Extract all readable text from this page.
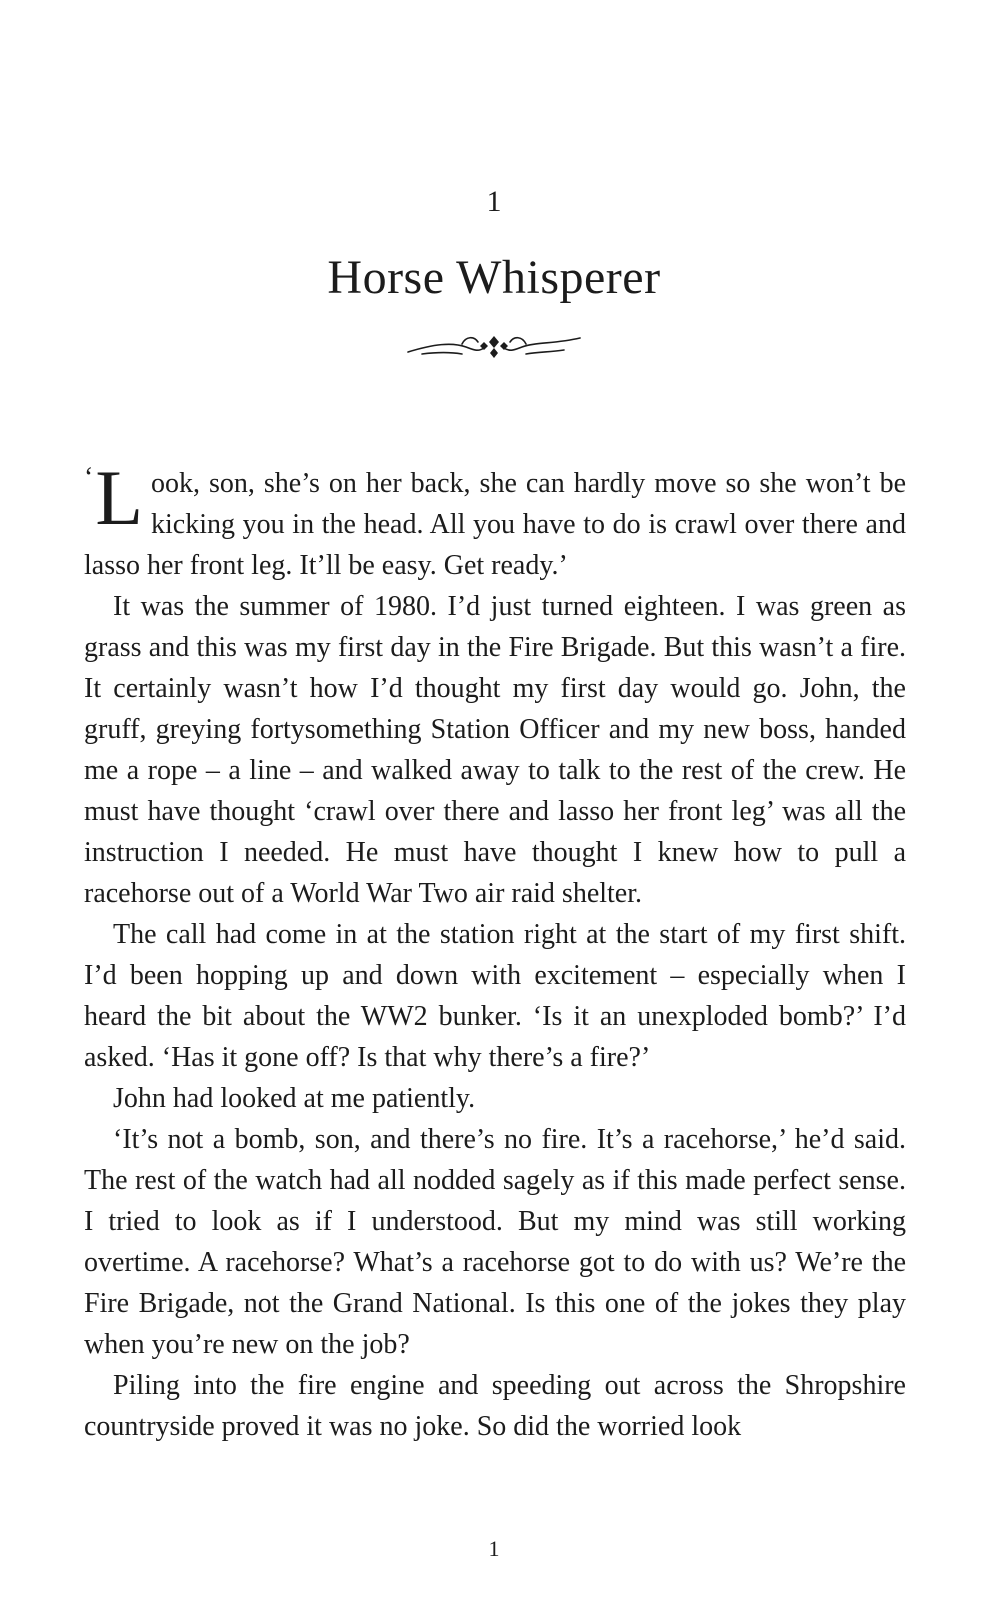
1
Horse Whisperer

‘ L ook, son, she’s on her back, she can hardly move so she won’t be kicking you in the head. All you have to do is crawl over there and lasso her front leg. It’ll be easy. Get ready.’

It was the summer of 1980. I’d just turned eighteen. I was green as grass and this was my first day in the Fire Brigade. But this wasn’t a fire. It certainly wasn’t how I’d thought my first day would go. John, the gruff, greying fortysomething Station Officer and my new boss, handed me a rope – a line – and walked away to talk to the rest of the crew. He must have thought ‘crawl over there and lasso her front leg’ was all the instruction I needed. He must have thought I knew how to pull a racehorse out of a World War Two air raid shelter.

The call had come in at the station right at the start of my first shift. I’d been hopping up and down with excitement – especially when I heard the bit about the WW2 bunker. ‘Is it an unexploded bomb?’ I’d asked. ‘Has it gone off? Is that why there’s a fire?’

John had looked at me patiently.

‘It’s not a bomb, son, and there’s no fire. It’s a racehorse,’ he’d said. The rest of the watch had all nodded sagely as if this made perfect sense. I tried to look as if I understood. But my mind was still working overtime. A racehorse? What’s a racehorse got to do with us? We’re the Fire Brigade, not the Grand National. Is this one of the jokes they play when you’re new on the job?

Piling into the fire engine and speeding out across the Shropshire countryside proved it was no joke. So did the worried look

1
